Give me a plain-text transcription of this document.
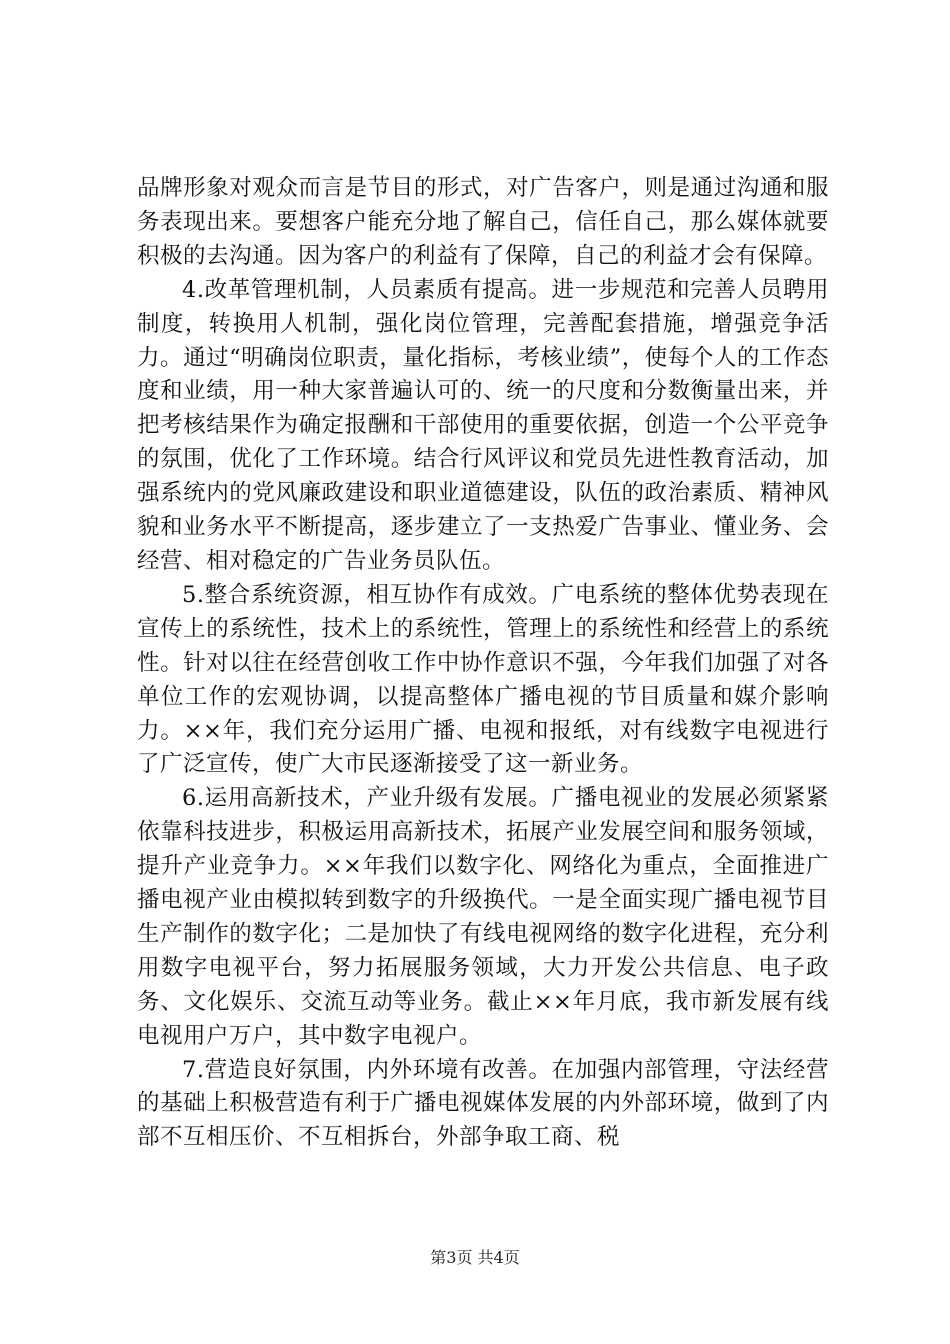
品牌形象对观众而言是节目的形式，对广告客户，则是通过沟通和服务表现出来。要想客户能充分地了解自己，信任自己，那么媒体就要积极的去沟通。因为客户的利益有了保障，自己的利益才会有保障。

4.改革管理机制，人员素质有提高。进一步规范和完善人员聘用制度，转换用人机制，强化岗位管理，完善配套措施，增强竞争活力。通过“明确岗位职责，量化指标，考核业绩”，使每个人的工作态度和业绩，用一种大家普遍认可的、统一的尺度和分数衡量出来，并把考核结果作为确定报酬和干部使用的重要依据，创造一个公平竞争的氛围，优化了工作环境。结合行风评议和党员先进性教育活动，加强系统内的党风廉政建设和职业道德建设，队伍的政治素质、精神风貌和业务水平不断提高，逐步建立了一支热爱广告事业、懂业务、会经营、相对稳定的广告业务员队伍。

5.整合系统资源，相互协作有成效。广电系统的整体优势表现在宣传上的系统性，技术上的系统性，管理上的系统性和经营上的系统性。针对以往在经营创收工作中协作意识不强，今年我们加强了对各单位工作的宏观协调，以提高整体广播电视的节目质量和媒介影响力。××年，我们充分运用广播、电视和报纸，对有线数字电视进行了广泛宣传，使广大市民逐渐接受了这一新业务。

6.运用高新技术，产业升级有发展。广播电视业的发展必须紧紧依靠科技进步，积极运用高新技术，拓展产业发展空间和服务领域，提升产业竞争力。××年我们以数字化、网络化为重点，全面推进广播电视产业由模拟转到数字的升级换代。一是全面实现广播电视节目生产制作的数字化；二是加快了有线电视网络的数字化进程，充分利用数字电视平台，努力拓展服务领域，大力开发公共信息、电子政务、文化娱乐、交流互动等业务。截止××年月底，我市新发展有线电视用户万户，其中数字电视户。

7.营造良好氛围，内外环境有改善。在加强内部管理，守法经营的基础上积极营造有利于广播电视媒体发展的内外部环境，做到了内部不互相压价、不互相拆台，外部争取工商、税

第3页 共4页
